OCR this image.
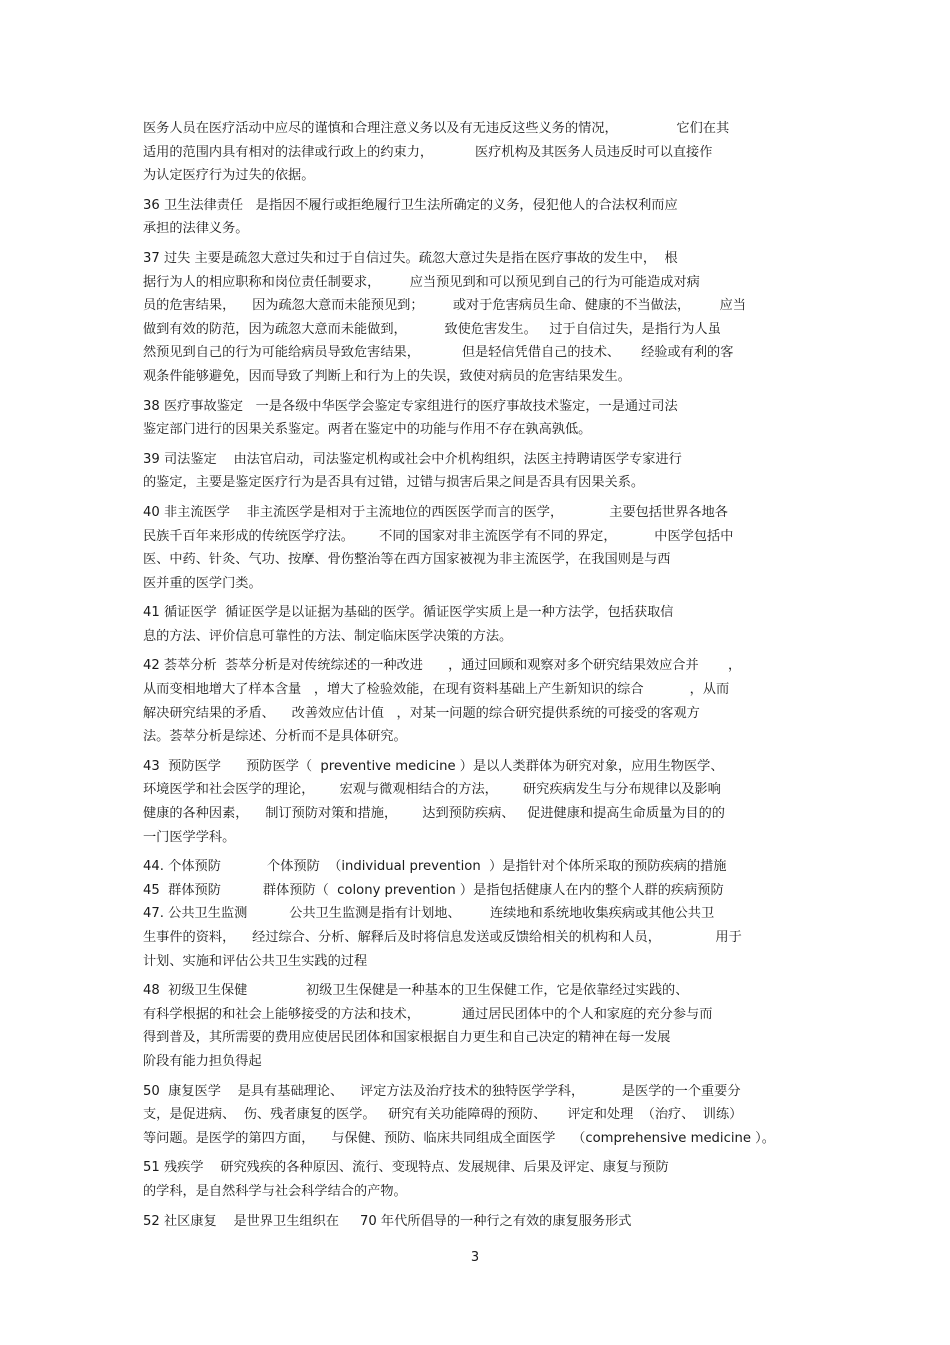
医务人员在医疗活动中应尽的谨慎和合理注意义务以及有无违反这些义务的情况，              它们在其
适用的范围内具有相对的法律或行政上的约束力，          医疗机构及其医务人员违反时可以直接作
为认定医疗行为过失的依据。
36 卫生法律责任   是指因不履行或拒绝履行卫生法所确定的义务，侵犯他人的合法权利而应
承担的法律义务。
37 过失 主要是疏忽大意过失和过于自信过失。疏忽大意过失是指在医疗事故的发生中，  根
据行为人的相应职称和岗位责任制要求，       应当预见到和可以预见到自己的行为可能造成对病
员的危害结果，    因为疏忽大意而未能预见到；       或对于危害病员生命、健康的不当做法，       应当
做到有效的防范，因为疏忽大意而未能做到，         致使危害发生。   过于自信过失，是指行为人虽
然预见到自己的行为可能给病员导致危害结果，          但是轻信凭借自己的技术、     经验或有利的客
观条件能够避免，因而导致了判断上和行为上的失误，致使对病员的危害结果发生。
38 医疗事故鉴定   一是各级中华医学会鉴定专家组进行的医疗事故技术鉴定，一是通过司法
鉴定部门进行的因果关系鉴定。两者在鉴定中的功能与作用不存在孰高孰低。
39 司法鉴定    由法官启动，司法鉴定机构或社会中介机构组织，法医主持聘请医学专家进行
的鉴定，主要是鉴定医疗行为是否具有过错，过错与损害后果之间是否具有因果关系。
40 非主流医学    非主流医学是相对于主流地位的西医医学而言的医学，           主要包括世界各地各
民族千百年来形成的传统医学疗法。      不同的国家对非主流医学有不同的界定，         中医学包括中
医、中药、针灸、气功、按摩、骨伤整治等在西方国家被视为非主流医学，在我国则是与西
医并重的医学门类。
41 循证医学  循证医学是以证据为基础的医学。循证医学实质上是一种方法学，包括获取信
息的方法、评价信息可靠性的方法、制定临床医学决策的方法。
42 荟萃分析  荟萃分析是对传统综述的一种改进      ，通过回顾和观察对多个研究结果效应合并       ，
从而变相地增大了样本含量   ，增大了检验效能，在现有资料基础上产生新知识的综合           ，从而
解决研究结果的矛盾、    改善效应估计值   ，对某一问题的综合研究提供系统的可接受的客观方
法。荟萃分析是综述、分析而不是具体研究。
43  预防医学      预防医学（  preventive medicine ）是以人类群体为研究对象，应用生物医学、
环境医学和社会医学的理论，      宏观与微观相结合的方法，      研究疾病发生与分布规律以及影响
健康的各种因素，    制订预防对策和措施，      达到预防疾病、   促进健康和提高生命质量为目的的
一门医学学科。
44. 个体预防           个体预防  （individual prevention  ）是指针对个体所采取的预防疾病的措施
45  群体预防          群体预防（  colony prevention ）是指包括健康人在内的整个人群的疾病预防
47. 公共卫生监测          公共卫生监测是指有计划地、       连续地和系统地收集疾病或其他公共卫
生事件的资料，    经过综合、分析、解释后及时将信息发送或反馈给相关的机构和人员，             用于
计划、实施和评估公共卫生实践的过程
48  初级卫生保健              初级卫生保健是一种基本的卫生保健工作，它是依靠经过实践的、
有科学根据的和社会上能够接受的方法和技术，          通过居民团体中的个人和家庭的充分参与而
得到普及，其所需要的费用应使居民团体和国家根据自力更生和自己决定的精神在每一发展
阶段有能力担负得起
50  康复医学    是具有基础理论、    评定方法及治疗技术的独特医学学科，         是医学的一个重要分
支，是促进病、  伤、残者康复的医学。   研究有关功能障碍的预防、     评定和处理  （治疗、  训练）
等问题。是医学的第四方面，    与保健、预防、临床共同组成全面医学    （comprehensive medicine ）。
51 残疾学    研究残疾的各种原因、流行、变现特点、发展规律、后果及评定、康复与预防
的学科，是自然科学与社会科学结合的产物。
52 社区康复    是世界卫生组织在     70 年代所倡导的一种行之有效的康复服务形式
3
